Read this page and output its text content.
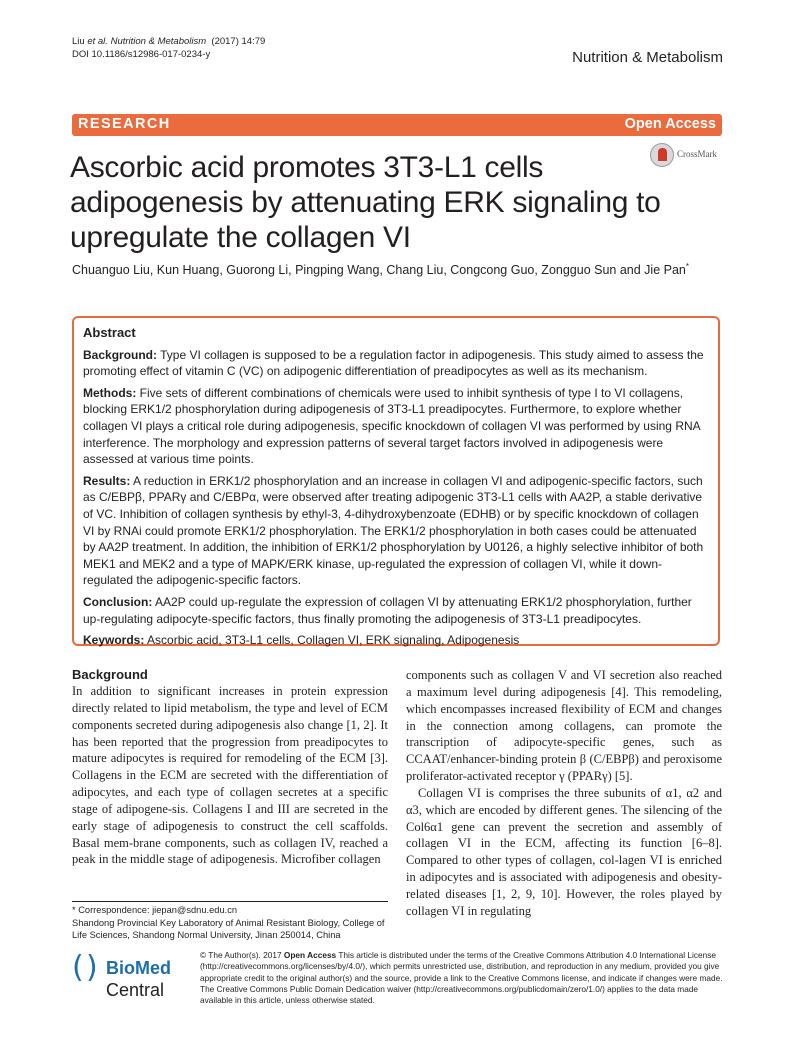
Liu et al. Nutrition & Metabolism (2017) 14:79
DOI 10.1186/s12986-017-0234-y	Nutrition & Metabolism
RESEARCH	Open Access
CrossMark
Ascorbic acid promotes 3T3-L1 cells adipogenesis by attenuating ERK signaling to upregulate the collagen VI
Chuanguo Liu, Kun Huang, Guorong Li, Pingping Wang, Chang Liu, Congcong Guo, Zongguo Sun and Jie Pan*
Abstract

Background: Type VI collagen is supposed to be a regulation factor in adipogenesis. This study aimed to assess the promoting effect of vitamin C (VC) on adipogenic differentiation of preadipocytes as well as its mechanism.

Methods: Five sets of different combinations of chemicals were used to inhibit synthesis of type I to VI collagens, blocking ERK1/2 phosphorylation during adipogenesis of 3T3-L1 preadipocytes. Furthermore, to explore whether collagen VI plays a critical role during adipogenesis, specific knockdown of collagen VI was performed by using RNA interference. The morphology and expression patterns of several target factors involved in adipogenesis were assessed at various time points.

Results: A reduction in ERK1/2 phosphorylation and an increase in collagen VI and adipogenic-specific factors, such as C/EBPβ, PPARγ and C/EBPα, were observed after treating adipogenic 3T3-L1 cells with AA2P, a stable derivative of VC. Inhibition of collagen synthesis by ethyl-3, 4-dihydroxybenzoate (EDHB) or by specific knockdown of collagen VI by RNAi could promote ERK1/2 phosphorylation. The ERK1/2 phosphorylation in both cases could be attenuated by AA2P treatment. In addition, the inhibition of ERK1/2 phosphorylation by U0126, a highly selective inhibitor of both MEK1 and MEK2 and a type of MAPK/ERK kinase, up-regulated the expression of collagen VI, while it down-regulated the adipogenic-specific factors.

Conclusion: AA2P could up-regulate the expression of collagen VI by attenuating ERK1/2 phosphorylation, further up-regulating adipocyte-specific factors, thus finally promoting the adipogenesis of 3T3-L1 preadipocytes.

Keywords: Ascorbic acid, 3T3-L1 cells, Collagen VI, ERK signaling, Adipogenesis

Background

In addition to significant increases in protein expression directly related to lipid metabolism, the type and level of ECM components secreted during adipogenesis also change [1, 2]. It has been reported that the progression from preadipocytes to mature adipocytes is required for remodeling of the ECM [3]. Collagens in the ECM are secreted with the differentiation of adipocytes, and each type of collagen secretes at a specific stage of adipogene-sis. Collagens I and III are secreted in the early stage of adipogenesis to construct the cell scaffolds. Basal mem-brane components, such as collagen IV, reached a peak in the middle stage of adipogenesis. Microfiber collagen

components such as collagen V and VI secretion also reached a maximum level during adipogenesis [4]. This remodeling, which encompasses increased flexibility of ECM and changes in the connection among collagens, can promote the transcription of adipocyte-specific genes, such as CCAAT/enhancer-binding protein β (C/EBPβ) and peroxisome proliferator-activated receptor γ (PPARγ) [5].

Collagen VI is comprises the three subunits of α1, α2 and α3, which are encoded by different genes. The silencing of the Col6α1 gene can prevent the secretion and assembly of collagen VI in the ECM, affecting its function [6–8]. Compared to other types of collagen, col-lagen VI is enriched in adipocytes and is associated with adipogenesis and obesity-related diseases [1, 2, 9, 10]. However, the roles played by collagen VI in regulating

* Correspondence: jiepan@sdnu.edu.cn
Shandong Provincial Key Laboratory of Animal Resistant Biology, College of Life Sciences, Shandong Normal University, Jinan 250014, China
( ) BioMed Central
© The Author(s). 2017 Open Access This article is distributed under the terms of the Creative Commons Attribution 4.0 International License (http://creativecommons.org/licenses/by/4.0/), which permits unrestricted use, distribution, and reproduction in any medium, provided you give appropriate credit to the original author(s) and the source, provide a link to the Creative Commons license, and indicate if changes were made. The Creative Commons Public Domain Dedication waiver (http://creativecommons.org/publicdomain/zero/1.0/) applies to the data made available in this article, unless otherwise stated.
